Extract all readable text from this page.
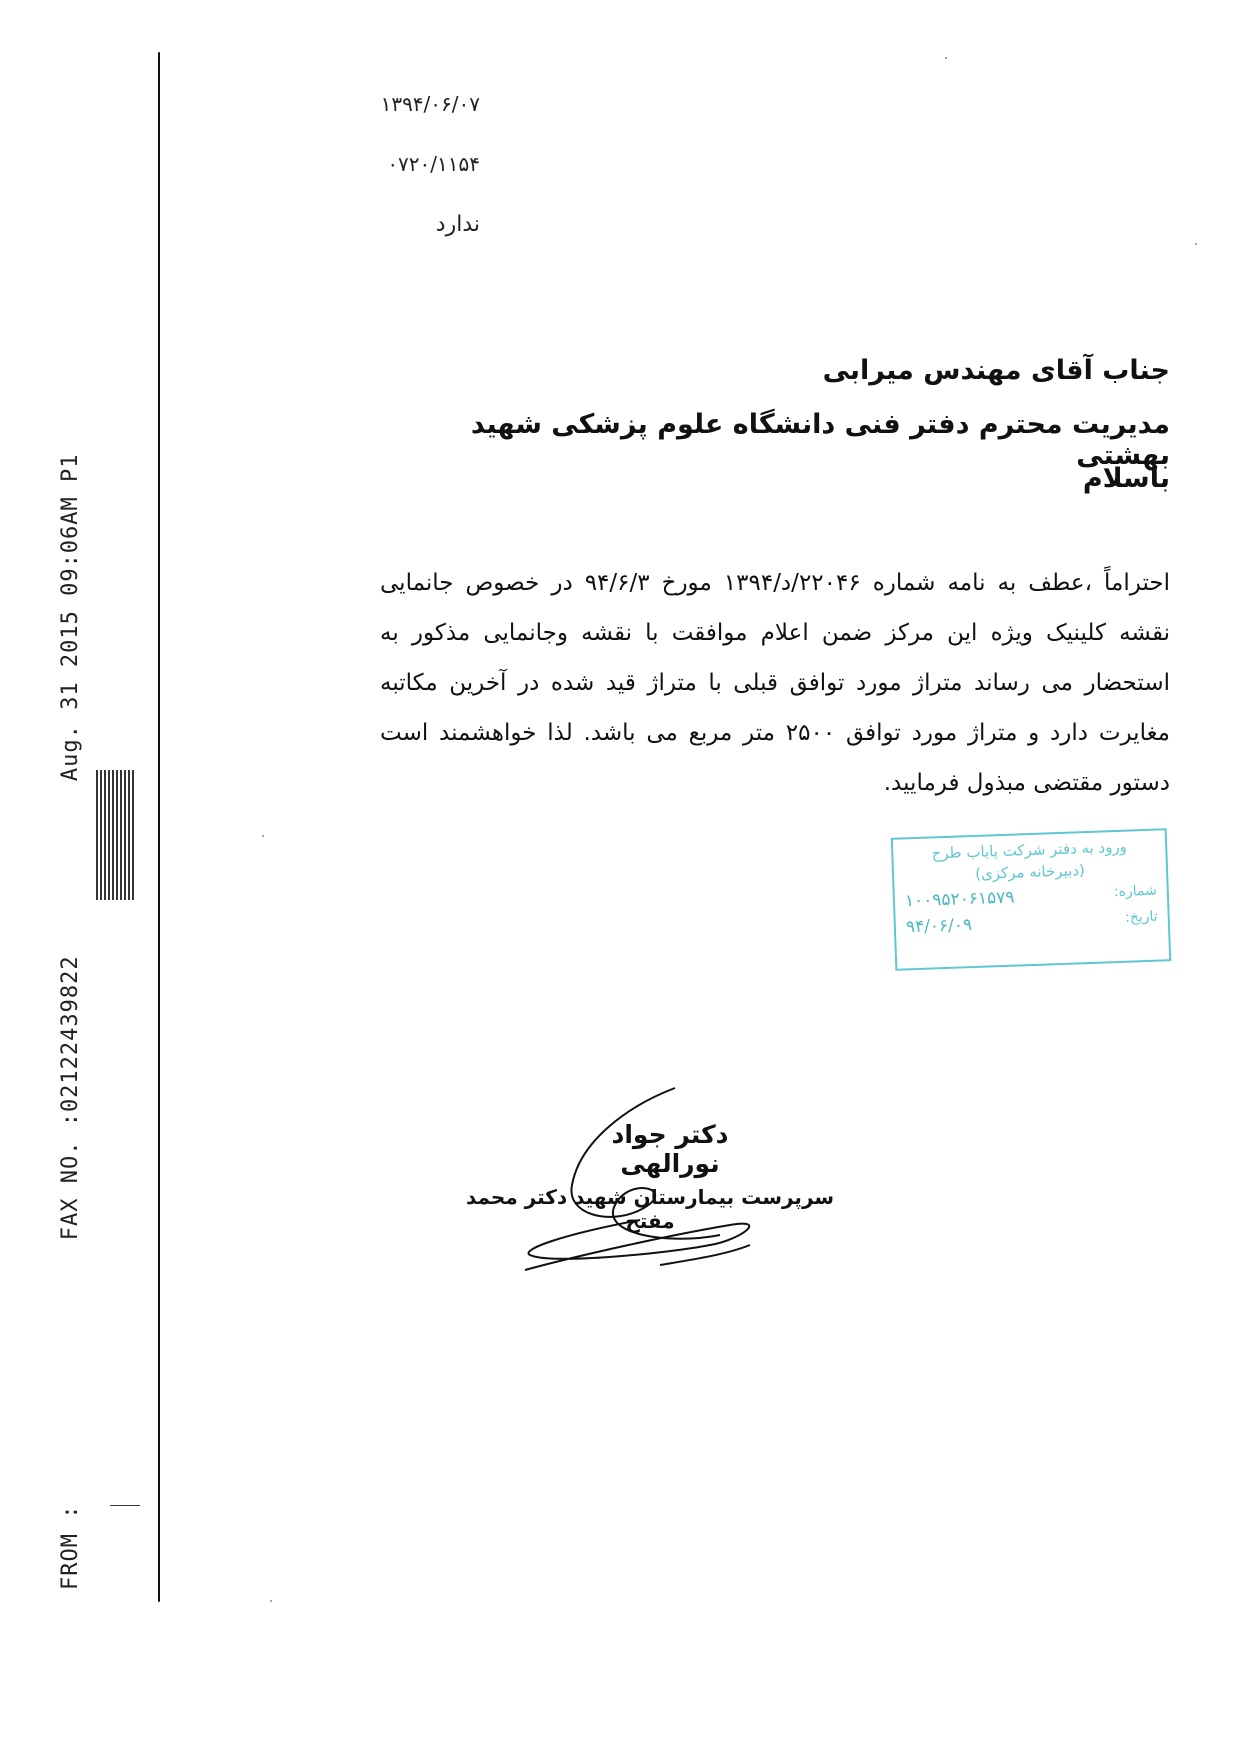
FROM : FAX NO. :02122439822 Aug. 31 2015 09:06AM P1
۱۳۹۴/۰۶/۰۷
۰۷۲۰/۱۱۵۴
ندارد
جناب آقای مهندس میرابی
مدیریت محترم دفتر فنی دانشگاه علوم پزشکی شهید بهشتی
باسلام
احتراماً ،عطف به نامه شماره ۲۲۰۴۶/د/۱۳۹۴ مورخ ۹۴/۶/۳ در خصوص جانمایی نقشه کلینیک ویژه این مرکز ضمن اعلام موافقت با نقشه وجانمایی مذکور به استحضار می رساند متراژ مورد توافق قبلی با متراژ قید شده در آخرین مکاتبه مغایرت دارد و متراژ مورد توافق ۲۵۰۰ متر مربع می باشد. لذا خواهشمند است دستور مقتضی مبذول فرمایید.
ورود به دفتر شرکت پایاب طرح
(دبیرخانه مرکزی)
شماره:
۱۰۰۹۵۲۰۶۱۵۷۹
تاریخ:
۹۴/۰۶/۰۹
دکتر جواد نورالهی
سرپرست بیمارستان شهید دکتر محمد مفتح
